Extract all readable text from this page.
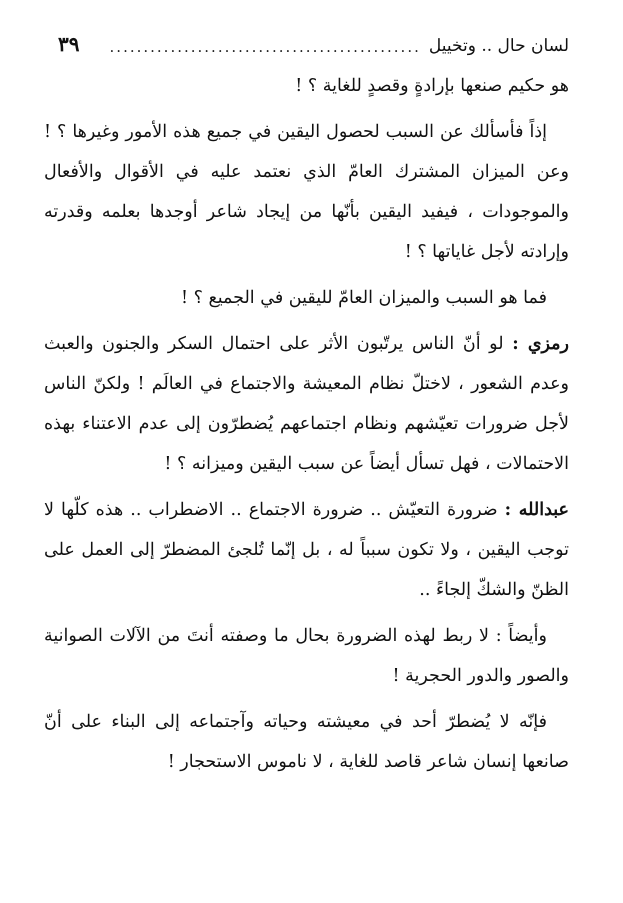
لسان حال .. وتخييل
..............................................
٣٩

هو حكيم صنعها بإرادةٍ وقصدٍ للغاية ؟ !

إذاً فأسألك عن السبب لحصول اليقين في جميع هذه الأمور وغيرها ؟ ! وعن الميزان المشترك العامّ الذي نعتمد عليه في الأقوال والأفعال والموجودات ، فيفيد اليقين بأنّها من إيجاد شاعر أوجدها بعلمه وقدرته وإرادته لأجل غاياتها ؟ !

فما هو السبب والميزان العامّ لليقين في الجميع ؟ !

رمزي : لو أنّ الناس يرتّبون الأثر على احتمال السكر والجنون والعبث وعدم الشعور ، لاختلّ نظام المعيشة والاجتماع في العالَم ! ولكنّ الناس لأجل ضرورات تعيّشهم ونظام اجتماعهم يُضطرّون إلى عدم الاعتناء بهذه الاحتمالات ، فهل تسأل أيضاً عن سبب اليقين وميزانه ؟ !

عبدالله : ضرورة التعيّش .. ضرورة الاجتماع .. الاضطراب .. هذه كلّها لا توجب اليقين ، ولا تكون سبباً له ، بل إنّما تُلجئ المضطرّ إلى العمل على الظنّ والشكّ إلجاءً ..

وأيضاً : لا ربط لهذه الضرورة بحال ما وصفته أنتَ من الآلات الصوانية والصور والدور الحجرية !

فإنّه لا يُضطرّ أحد في معيشته وحياته وآجتماعه إلى البناء على أنّ صانعها إنسان شاعر قاصد للغاية ، لا ناموس الاستحجار !
